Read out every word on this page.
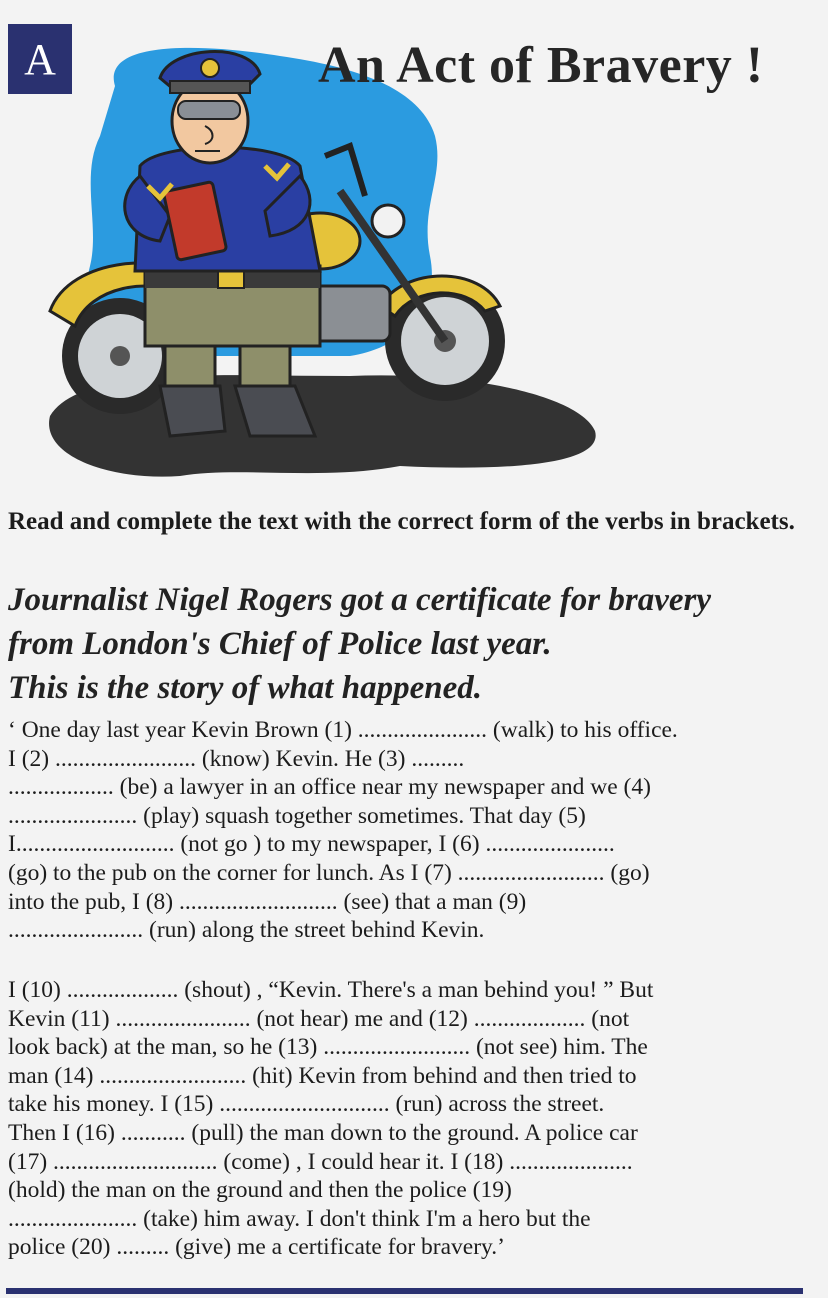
A	An Act of Bravery !
Read and complete the text with the correct form of the verbs in brackets.
Journalist Nigel Rogers got a certificate for bravery
from London's Chief of Police last year.
This is the story of what happened.

‘ One day last year Kevin Brown (1) ...................... (walk) to his office.
I (2) ........................ (know) Kevin. He (3) .........
.................. (be) a lawyer in an office near my newspaper and we (4)
...................... (play) squash together sometimes. That day (5)
I........................... (not go ) to my newspaper, I (6) ......................
(go) to the pub on the corner for lunch. As I (7) ......................... (go)
into the pub, I (8) ........................... (see) that a man (9)
....................... (run) along the street behind Kevin.

I (10) ................... (shout) , “Kevin. There's a man behind you! ” But
Kevin (11) ....................... (not hear) me and (12) ................... (not
look back) at the man, so he (13) ......................... (not see) him. The
man (14) ......................... (hit) Kevin from behind and then tried to
take his money. I (15) ............................. (run) across the street.
Then I (16) ........... (pull) the man down to the ground. A police car
(17) ............................ (come) , I could hear it. I (18) .....................
(hold) the man on the ground and then the police (19)
...................... (take) him away. I don't think I'm a hero but the
police (20) ......... (give) me a certificate for bravery.’
